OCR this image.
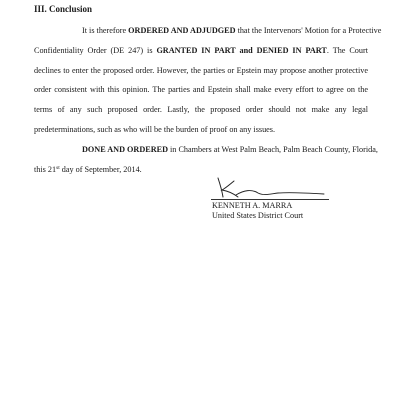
III. Conclusion
It is therefore ORDERED AND ADJUDGED that the Intervenors' Motion for a Protective
Confidentiality Order (DE 247) is GRANTED IN PART and DENIED IN PART. The Court
declines to enter the proposed order. However, the parties or Epstein may propose another protective
order consistent with this opinion. The parties and Epstein shall make every effort to agree on the
terms of any such proposed order. Lastly, the proposed order should not make any legal
predeterminations, such as who will be the burden of proof on any issues.
DONE AND ORDERED in Chambers at West Palm Beach, Palm Beach County, Florida,
this 21st day of September, 2014.
KENNETH A. MARRA
United States District Court
